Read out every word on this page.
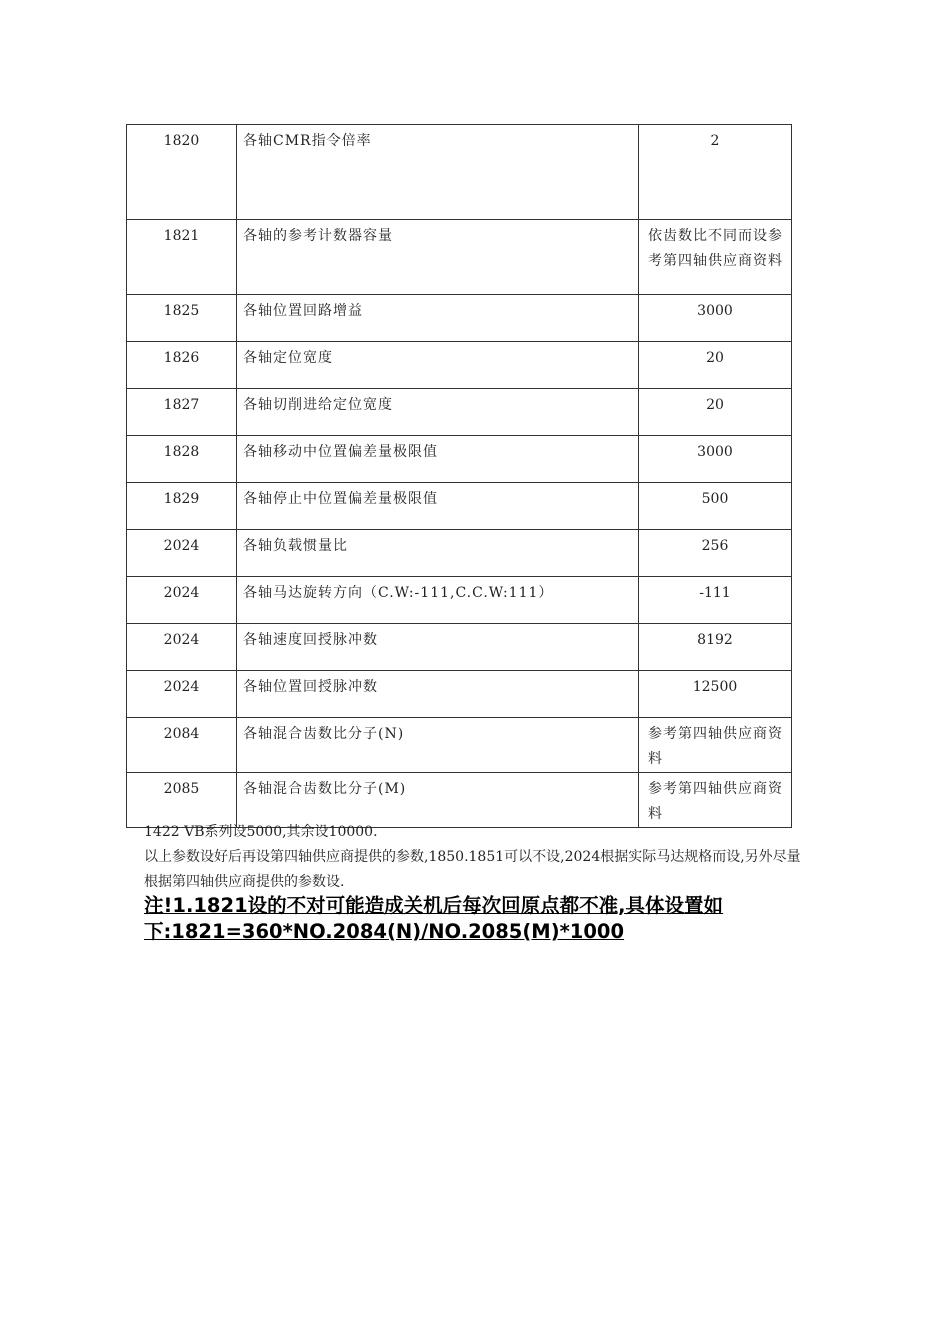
1820	各轴CMR指令倍率	2
1821	各轴的参考计数器容量	依齿数比不同而设参考第四轴供应商资料
1825	各轴位置回路增益	3000
1826	各轴定位宽度	20
1827	各轴切削进给定位宽度	20
1828	各轴移动中位置偏差量极限值	3000
1829	各轴停止中位置偏差量极限值	500
2024	各轴负载惯量比	256
2024	各轴马达旋转方向（C.W:-111,C.C.W:111）	-111
2024	各轴速度回授脉冲数	8192
2024	各轴位置回授脉冲数	12500
2084	各轴混合齿数比分子(N)	参考第四轴供应商资料
2085	各轴混合齿数比分子(M)	参考第四轴供应商资料

1422 VB系列设5000,其余设10000.

以上参数设好后再设第四轴供应商提供的参数,1850.1851可以不设,2024根据实际马达规格而设,另外尽量根据第四轴供应商提供的参数设.

注!1.1821设的不对可能造成关机后每次回原点都不准,具体设置如下:1821=360*NO.2084(N)/NO.2085(M)*1000
